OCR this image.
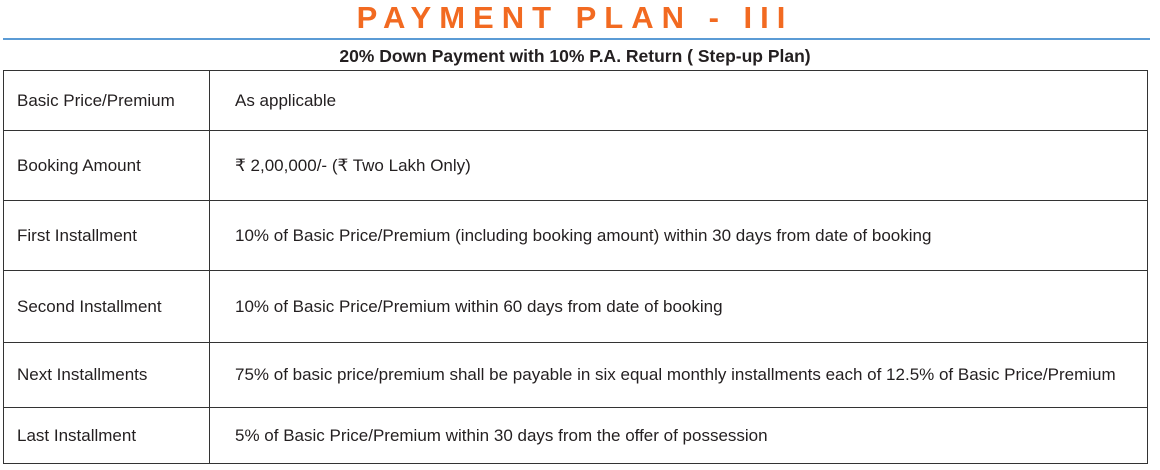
PAYMENT PLAN - III
20% Down Payment with 10% P.A. Return ( Step-up Plan)
Basic Price/Premium	As applicable
Booking Amount	₹ 2,00,000/- (₹ Two Lakh Only)
First Installment	10% of Basic Price/Premium (including booking amount) within 30 days from date of booking
Second Installment	10% of Basic Price/Premium within 60 days from date of booking
Next Installments	75% of basic price/premium shall be payable in six equal monthly installments each of 12.5% of Basic Price/Premium
Last Installment	5% of Basic Price/Premium within 30 days from the offer of possession
